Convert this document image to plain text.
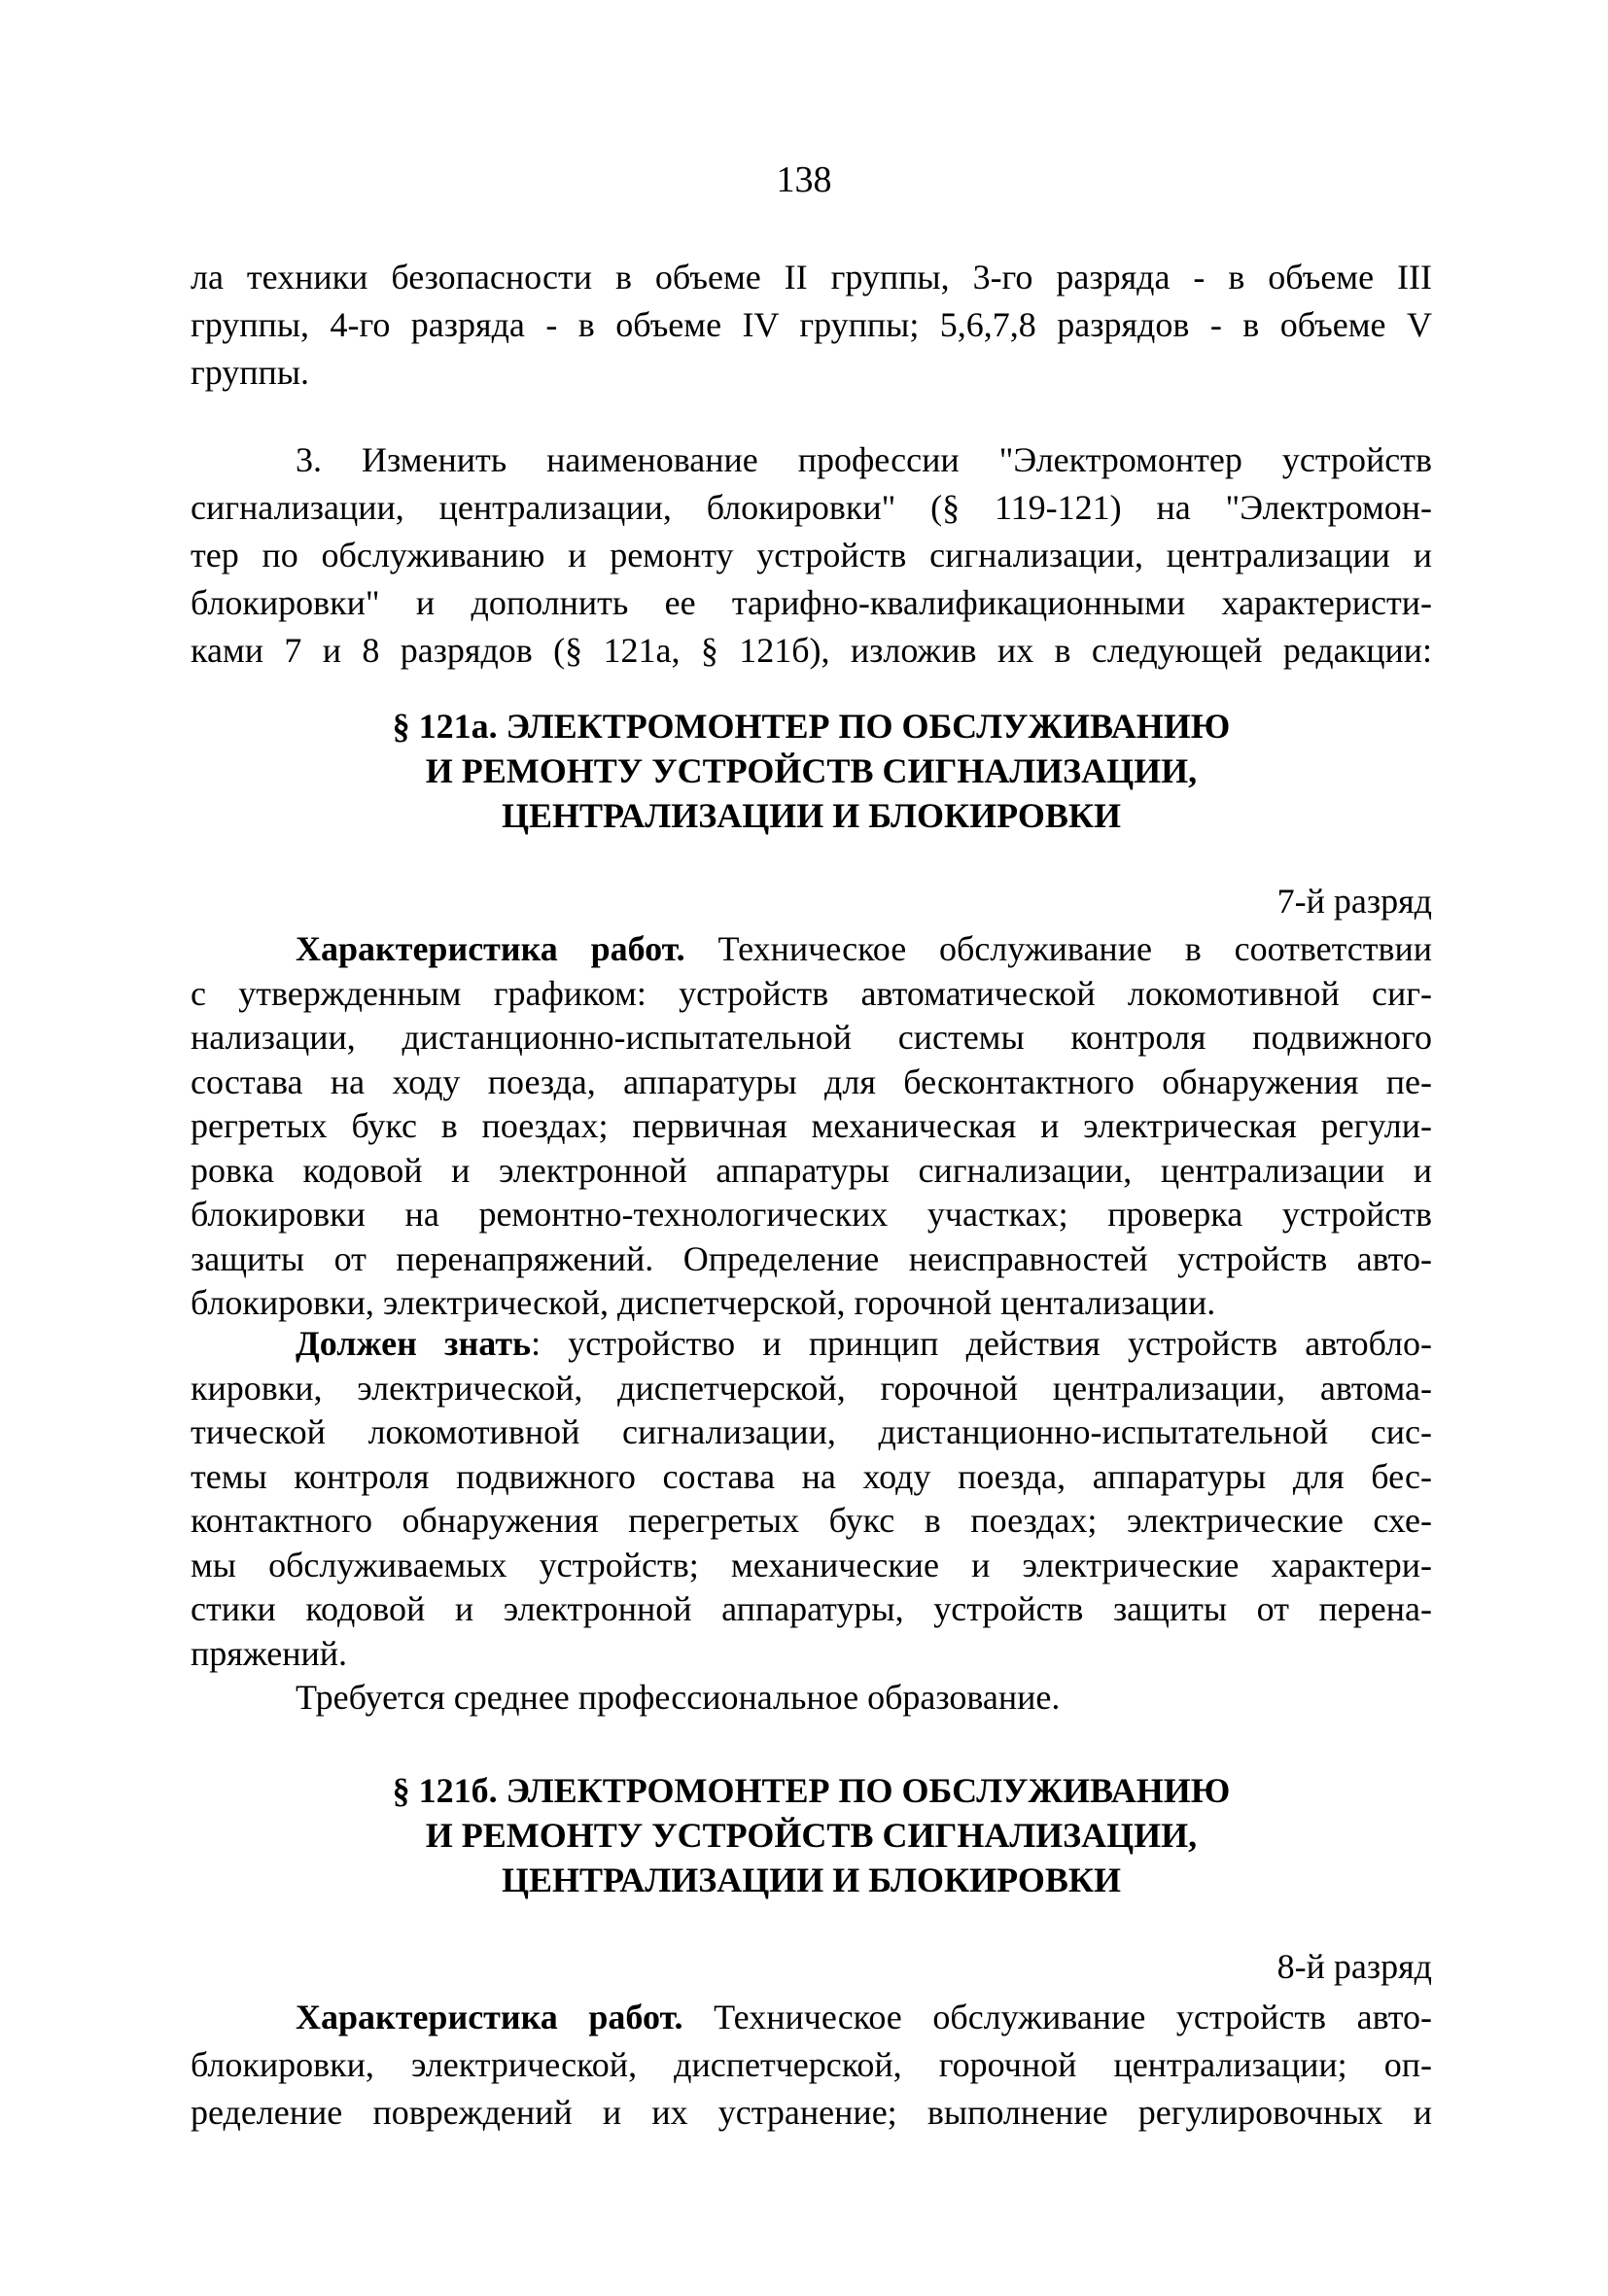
138
ла техники безопасности в объеме II группы, 3-го разряда - в объеме III
группы, 4-го разряда - в объеме IV группы; 5,6,7,8 разрядов - в объеме V
группы.
3. Изменить наименование профессии "Электромонтер устройств
сигнализации, централизации, блокировки" (§ 119-121) на "Электромон-
тер по обслуживанию и ремонту устройств сигнализации, централизации и
блокировки" и дополнить ее тарифно-квалификационными характеристи-
ками 7 и 8 разрядов (§ 121а, § 121б), изложив их в следующей редакции:
§ 121а. ЭЛЕКТРОМОНТЕР ПО ОБСЛУЖИВАНИЮ
И РЕМОНТУ УСТРОЙСТВ СИГНАЛИЗАЦИИ,
ЦЕНТРАЛИЗАЦИИ И БЛОКИРОВКИ
7-й разряд
Характеристика работ. Техническое обслуживание в соответствии
с утвержденным графиком: устройств автоматической локомотивной сиг-
нализации, дистанционно-испытательной системы контроля подвижного
состава на ходу поезда, аппаратуры для бесконтактного обнаружения пе-
регретых букс в поездах; первичная механическая и электрическая регули-
ровка кодовой и электронной аппаратуры сигнализации, централизации и
блокировки на ремонтно-технологических участках; проверка устройств
защиты от перенапряжений. Определение неисправностей устройств авто-
блокировки, электрической, диспетчерской, горочной центализации.
Должен знать: устройство и принцип действия устройств автобло-
кировки, электрической, диспетчерской, горочной централизации, автома-
тической локомотивной сигнализации, дистанционно-испытательной сис-
темы контроля подвижного состава на ходу поезда, аппаратуры для бес-
контактного обнаружения перегретых букс в поездах; электрические схе-
мы обслуживаемых устройств; механические и электрические характери-
стики кодовой и электронной аппаратуры, устройств защиты от перена-
пряжений.
Требуется среднее профессиональное образование.
§ 121б. ЭЛЕКТРОМОНТЕР ПО ОБСЛУЖИВАНИЮ
И РЕМОНТУ УСТРОЙСТВ СИГНАЛИЗАЦИИ,
ЦЕНТРАЛИЗАЦИИ И БЛОКИРОВКИ
8-й разряд
Характеристика работ. Техническое обслуживание устройств авто-
блокировки, электрической, диспетчерской, горочной централизации; оп-
ределение повреждений и их устранение; выполнение регулировочных и
